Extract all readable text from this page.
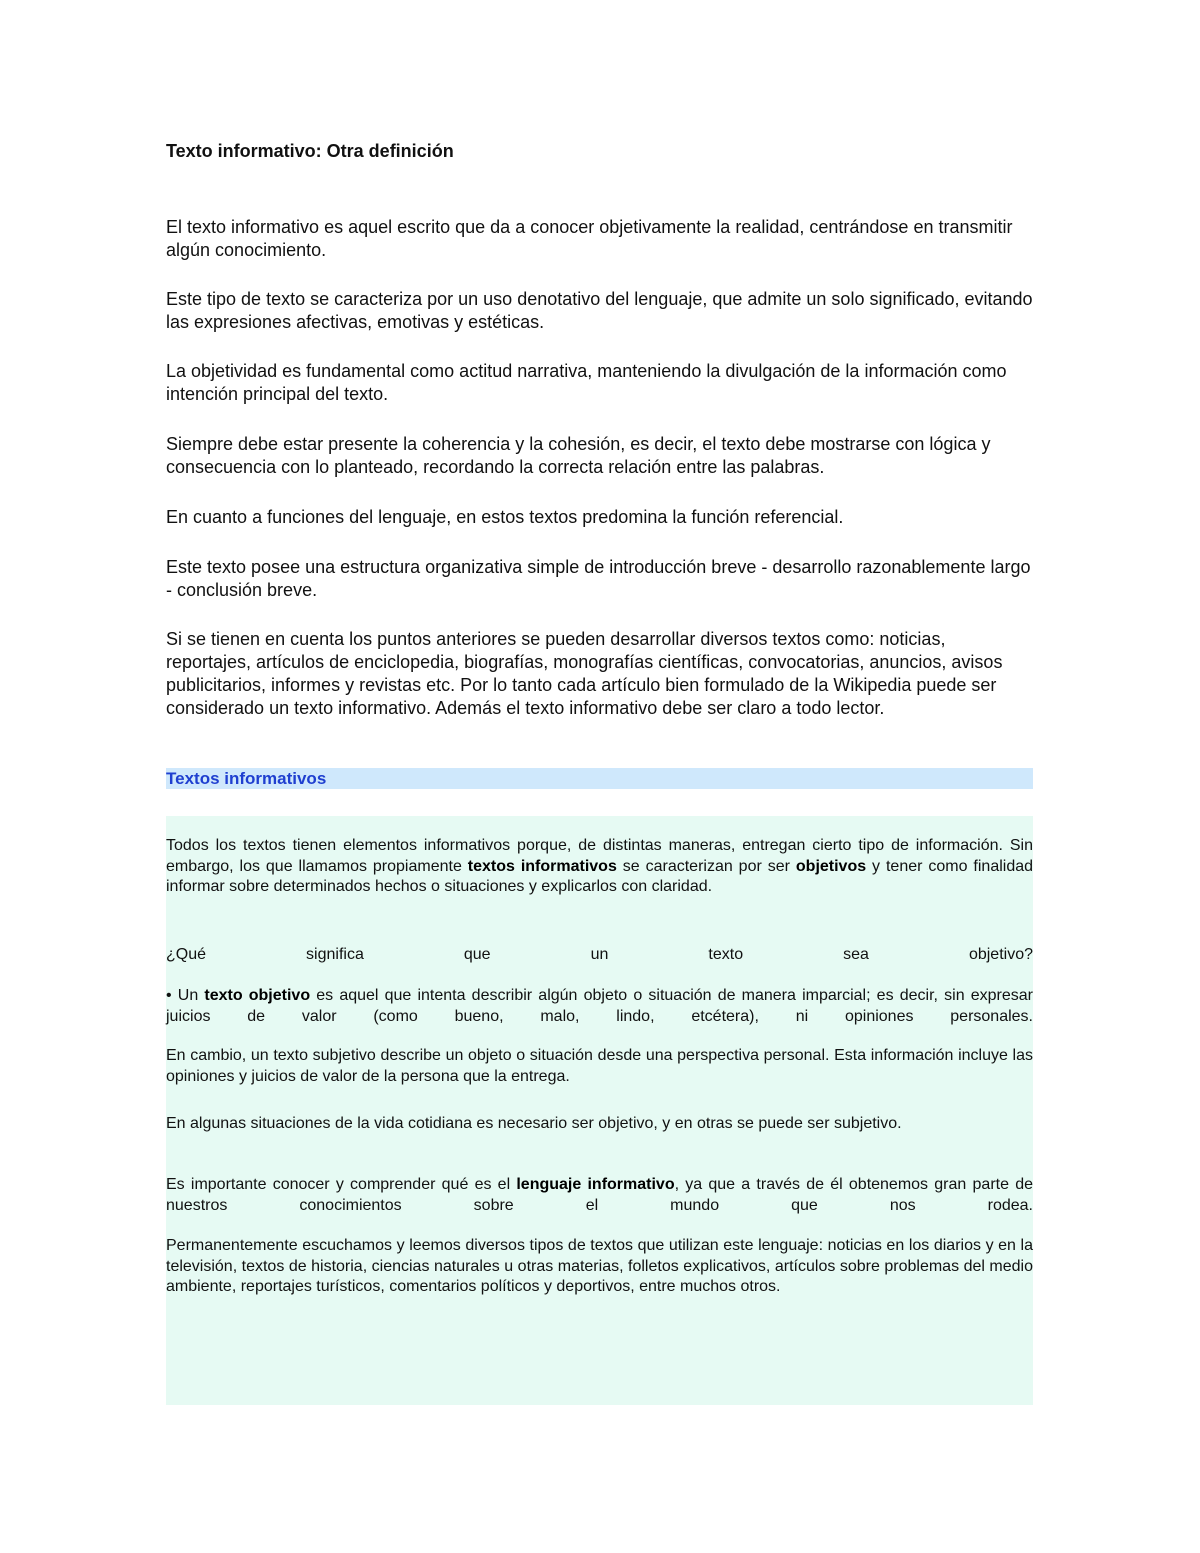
Texto informativo: Otra definición

El texto informativo es aquel escrito que da a conocer objetivamente la realidad, centrándose en transmitir algún conocimiento.

Este tipo de texto se caracteriza por un uso denotativo del lenguaje, que admite un solo significado, evitando las expresiones afectivas, emotivas y estéticas.

La objetividad es fundamental como actitud narrativa, manteniendo la divulgación de la información como intención principal del texto.

Siempre debe estar presente la coherencia y la cohesión, es decir, el texto debe mostrarse con lógica y consecuencia con lo planteado, recordando la correcta relación entre las palabras.

En cuanto a funciones del lenguaje, en estos textos predomina la función referencial.

Este texto posee una estructura organizativa simple de introducción breve - desarrollo razonablemente largo - conclusión breve.

Si se tienen en cuenta los puntos anteriores se pueden desarrollar diversos textos como: noticias, reportajes, artículos de enciclopedia, biografías, monografías científicas, convocatorias, anuncios, avisos publicitarios, informes y revistas etc. Por lo tanto cada artículo bien formulado de la Wikipedia puede ser considerado un texto informativo. Además el texto informativo debe ser claro a todo lector.

Textos informativos

Todos los textos tienen elementos informativos porque, de distintas maneras, entregan cierto tipo de información. Sin embargo, los que llamamos propiamente textos informativos se caracterizan por ser objetivos y tener como finalidad informar sobre determinados hechos o situaciones y explicarlos con claridad.

¿Qué significa que un texto sea objetivo?

• Un texto objetivo es aquel que intenta describir algún objeto o situación de manera imparcial; es decir, sin expresar juicios de valor (como bueno, malo, lindo, etcétera), ni opiniones personales.

En cambio, un texto subjetivo describe un objeto o situación desde una perspectiva personal. Esta información incluye las opiniones y juicios de valor de la persona que la entrega.

En algunas situaciones de la vida cotidiana es necesario ser objetivo, y en otras se puede ser subjetivo.

Es importante conocer y comprender qué es el lenguaje informativo, ya que a través de él obtenemos gran parte de nuestros conocimientos sobre el mundo que nos rodea.

Permanentemente escuchamos y leemos diversos tipos de textos que utilizan este lenguaje: noticias en los diarios y en la televisión, textos de historia, ciencias naturales u otras materias, folletos explicativos, artículos sobre problemas del medio ambiente, reportajes turísticos, comentarios políticos y deportivos, entre muchos otros.
